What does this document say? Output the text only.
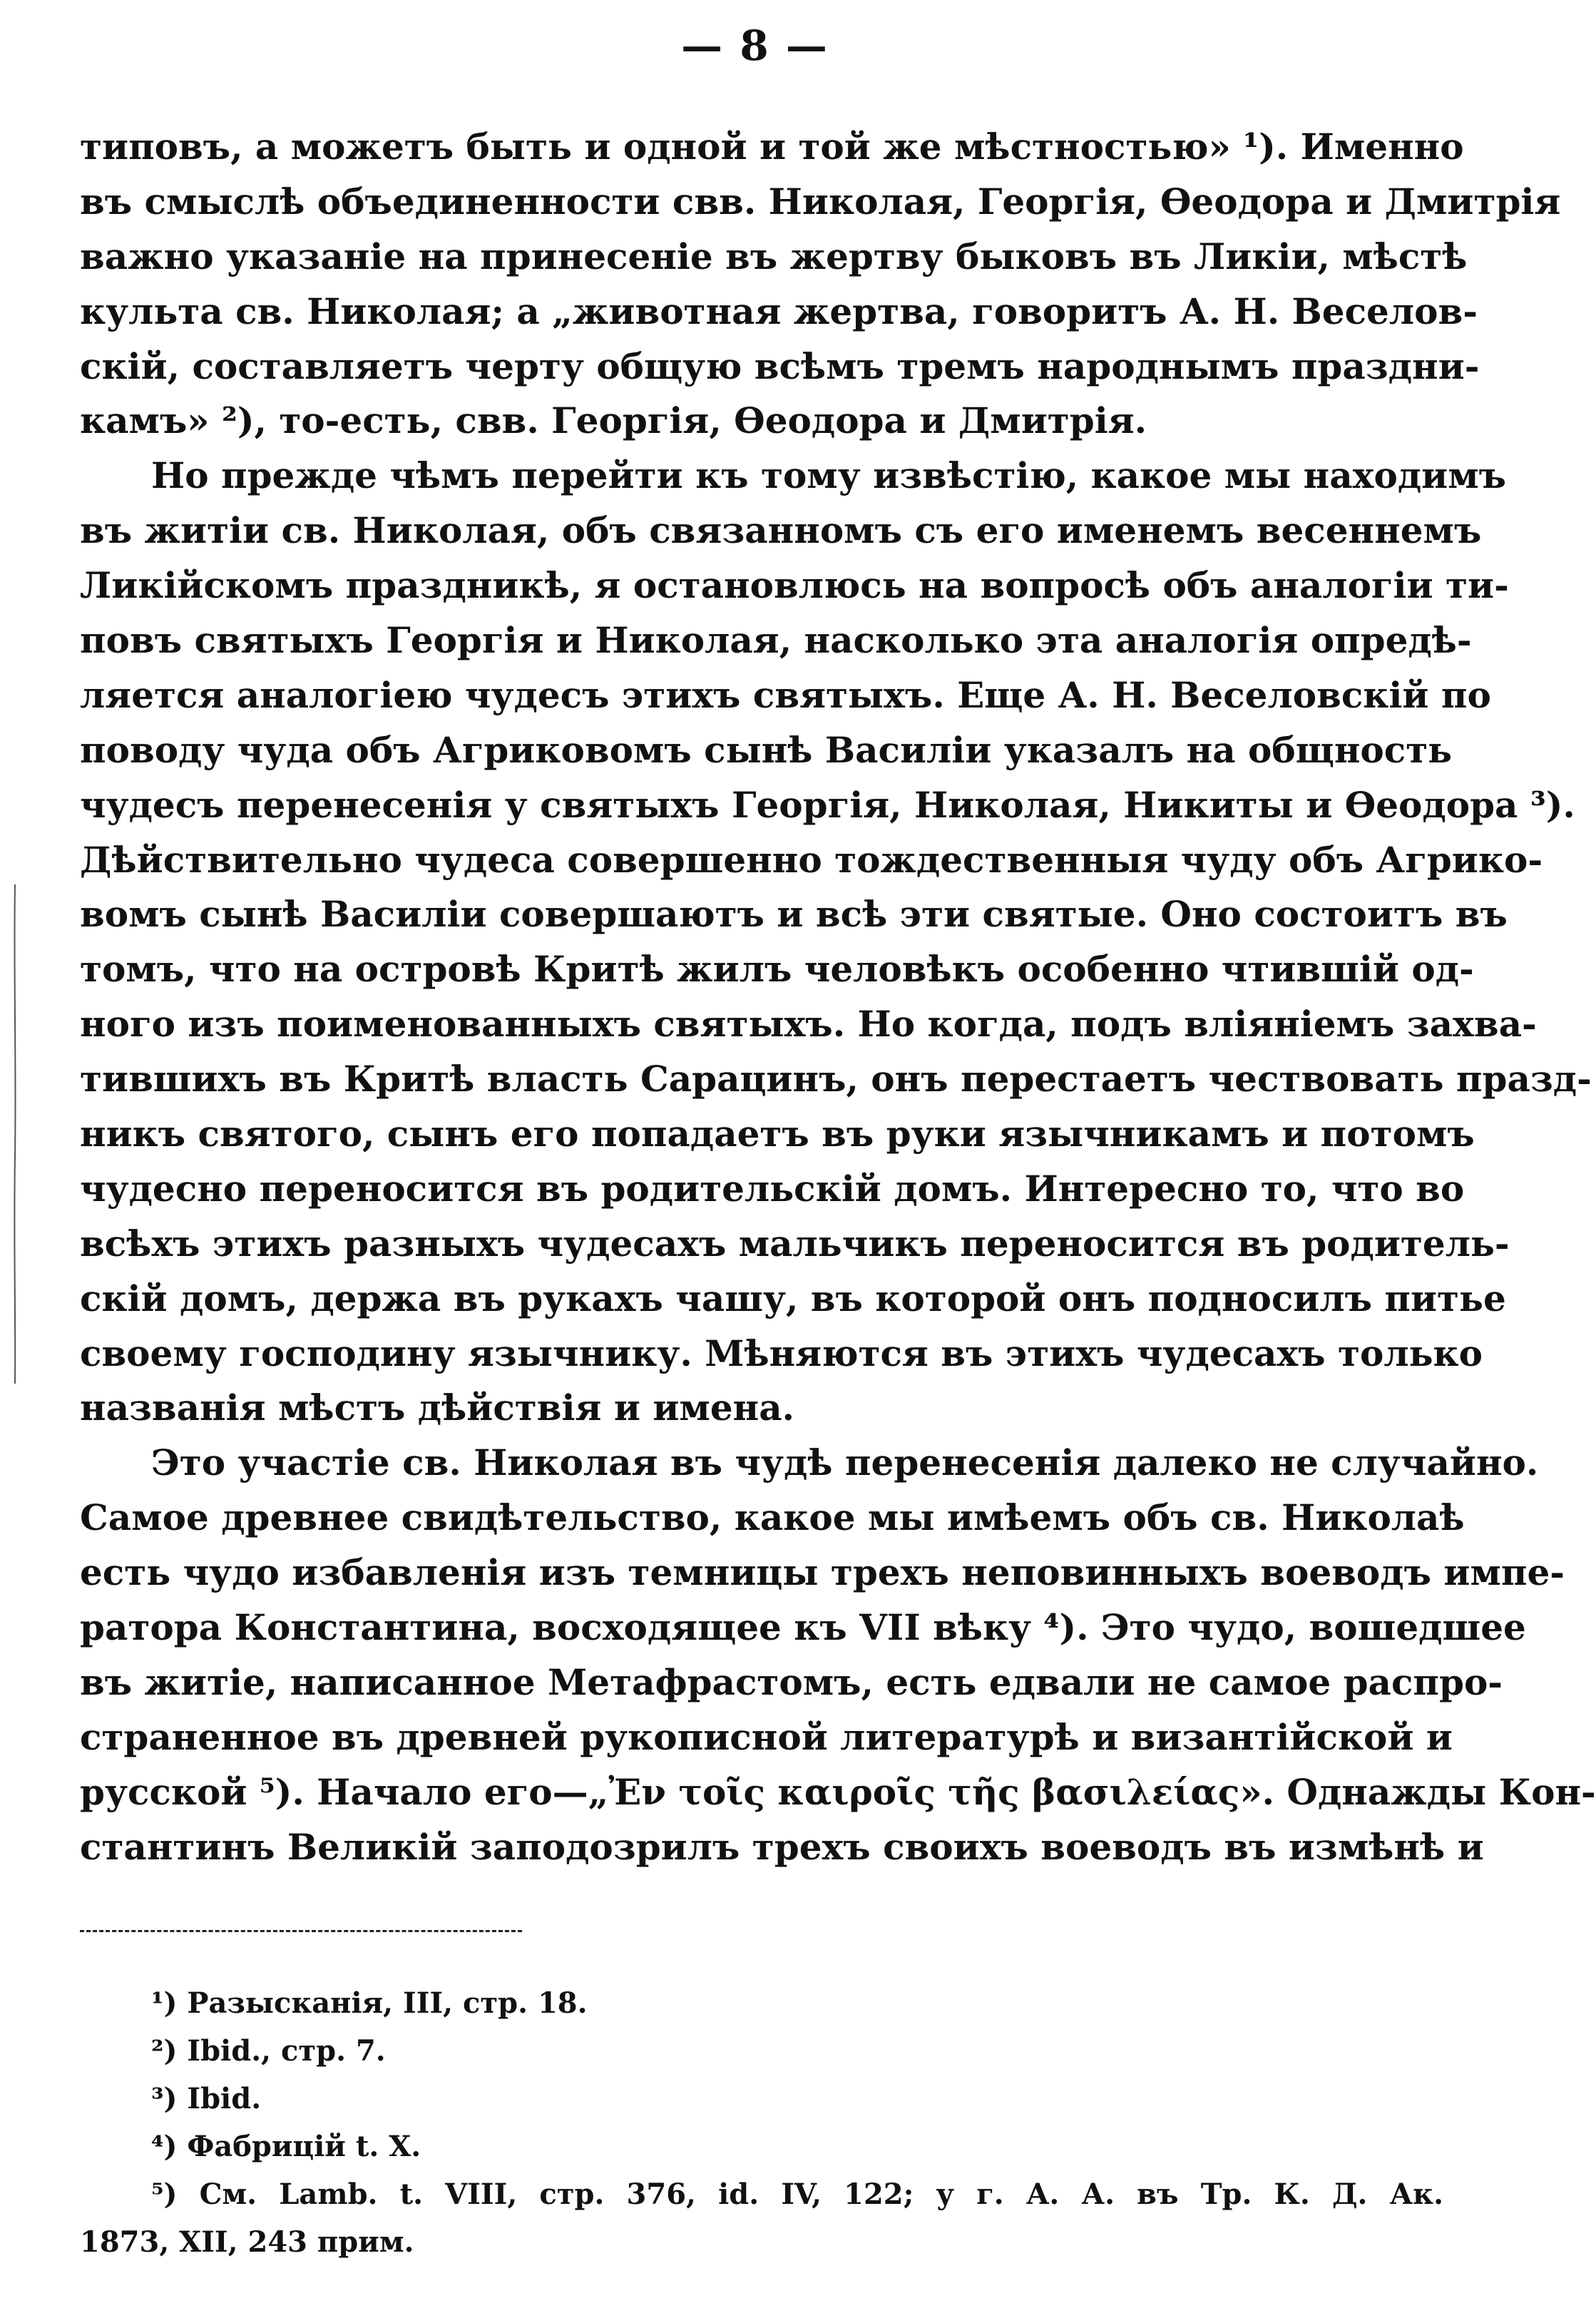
— 8 —
типовъ, а можетъ быть и одной и той же мѣстностью» ¹). Именно
въ смыслѣ объединенности свв. Николая, Георгія, Ѳеодора и Дмитрія
важно указаніе на принесеніе въ жертву быковъ въ Ликіи, мѣстѣ
культа св. Николая; а „животная жертва, говоритъ А. Н. Веселов-
скій, составляетъ черту общую всѣмъ тремъ народнымъ праздни-
камъ» ²), то-есть, свв. Георгія, Ѳеодора и Дмитрія.
Но прежде чѣмъ перейти къ тому извѣстію, какое мы находимъ
въ житіи св. Николая, объ связанномъ съ его именемъ весеннемъ
Ликійскомъ праздникѣ, я остановлюсь на вопросѣ объ аналогіи ти-
повъ святыхъ Георгія и Николая, насколько эта аналогія опредѣ-
ляется аналогіею чудесъ этихъ святыхъ. Еще А. Н. Веселовскій по
поводу чуда объ Агриковомъ сынѣ Василіи указалъ на общность
чудесъ перенесенія у святыхъ Георгія, Николая, Никиты и Ѳеодора ³).
Дѣйствительно чудеса совершенно тождественныя чуду объ Агрико-
вомъ сынѣ Василіи совершаютъ и всѣ эти святые. Оно состоитъ въ
томъ, что на островѣ Критѣ жилъ человѣкъ особенно чтившій од-
ного изъ поименованныхъ святыхъ. Но когда, подъ вліяніемъ захва-
тившихъ въ Критѣ власть Сарацинъ, онъ перестаетъ чествовать празд-
никъ святого, сынъ его попадаетъ въ руки язычникамъ и потомъ
чудесно переносится въ родительскій домъ. Интересно то, что во
всѣхъ этихъ разныхъ чудесахъ мальчикъ переносится въ родитель-
скій домъ, держа въ рукахъ чашу, въ которой онъ подносилъ питье
своему господину язычнику. Мѣняются въ этихъ чудесахъ только
названія мѣстъ дѣйствія и имена.
Это участіе св. Николая въ чудѣ перенесенія далеко не случайно.
Самое древнее свидѣтельство, какое мы имѣемъ объ св. Николаѣ
есть чудо избавленія изъ темницы трехъ неповинныхъ воеводъ импе-
ратора Константина, восходящее къ VII вѣку ⁴). Это чудо, вошедшее
въ житіе, написанное Метафрастомъ, есть едвали не самое распро-
страненное въ древней рукописной литературѣ и византійской и
русской ⁵). Начало его—„Ἐν τοῖς καιροῖς τῆς βασιλείας». Однажды Кон-
стантинъ Великій заподозрилъ трехъ своихъ воеводъ въ измѣнѣ и
¹) Разысканія, III, стр. 18.
²) Ibid., стр. 7.
³) Ibid.
⁴) Фабрицій t. X.
⁵) См. Lamb. t. VIII, стр. 376, id. IV, 122; у г. А. А. въ Тр. К. Д. Ак.
1873, XII, 243 прим.
